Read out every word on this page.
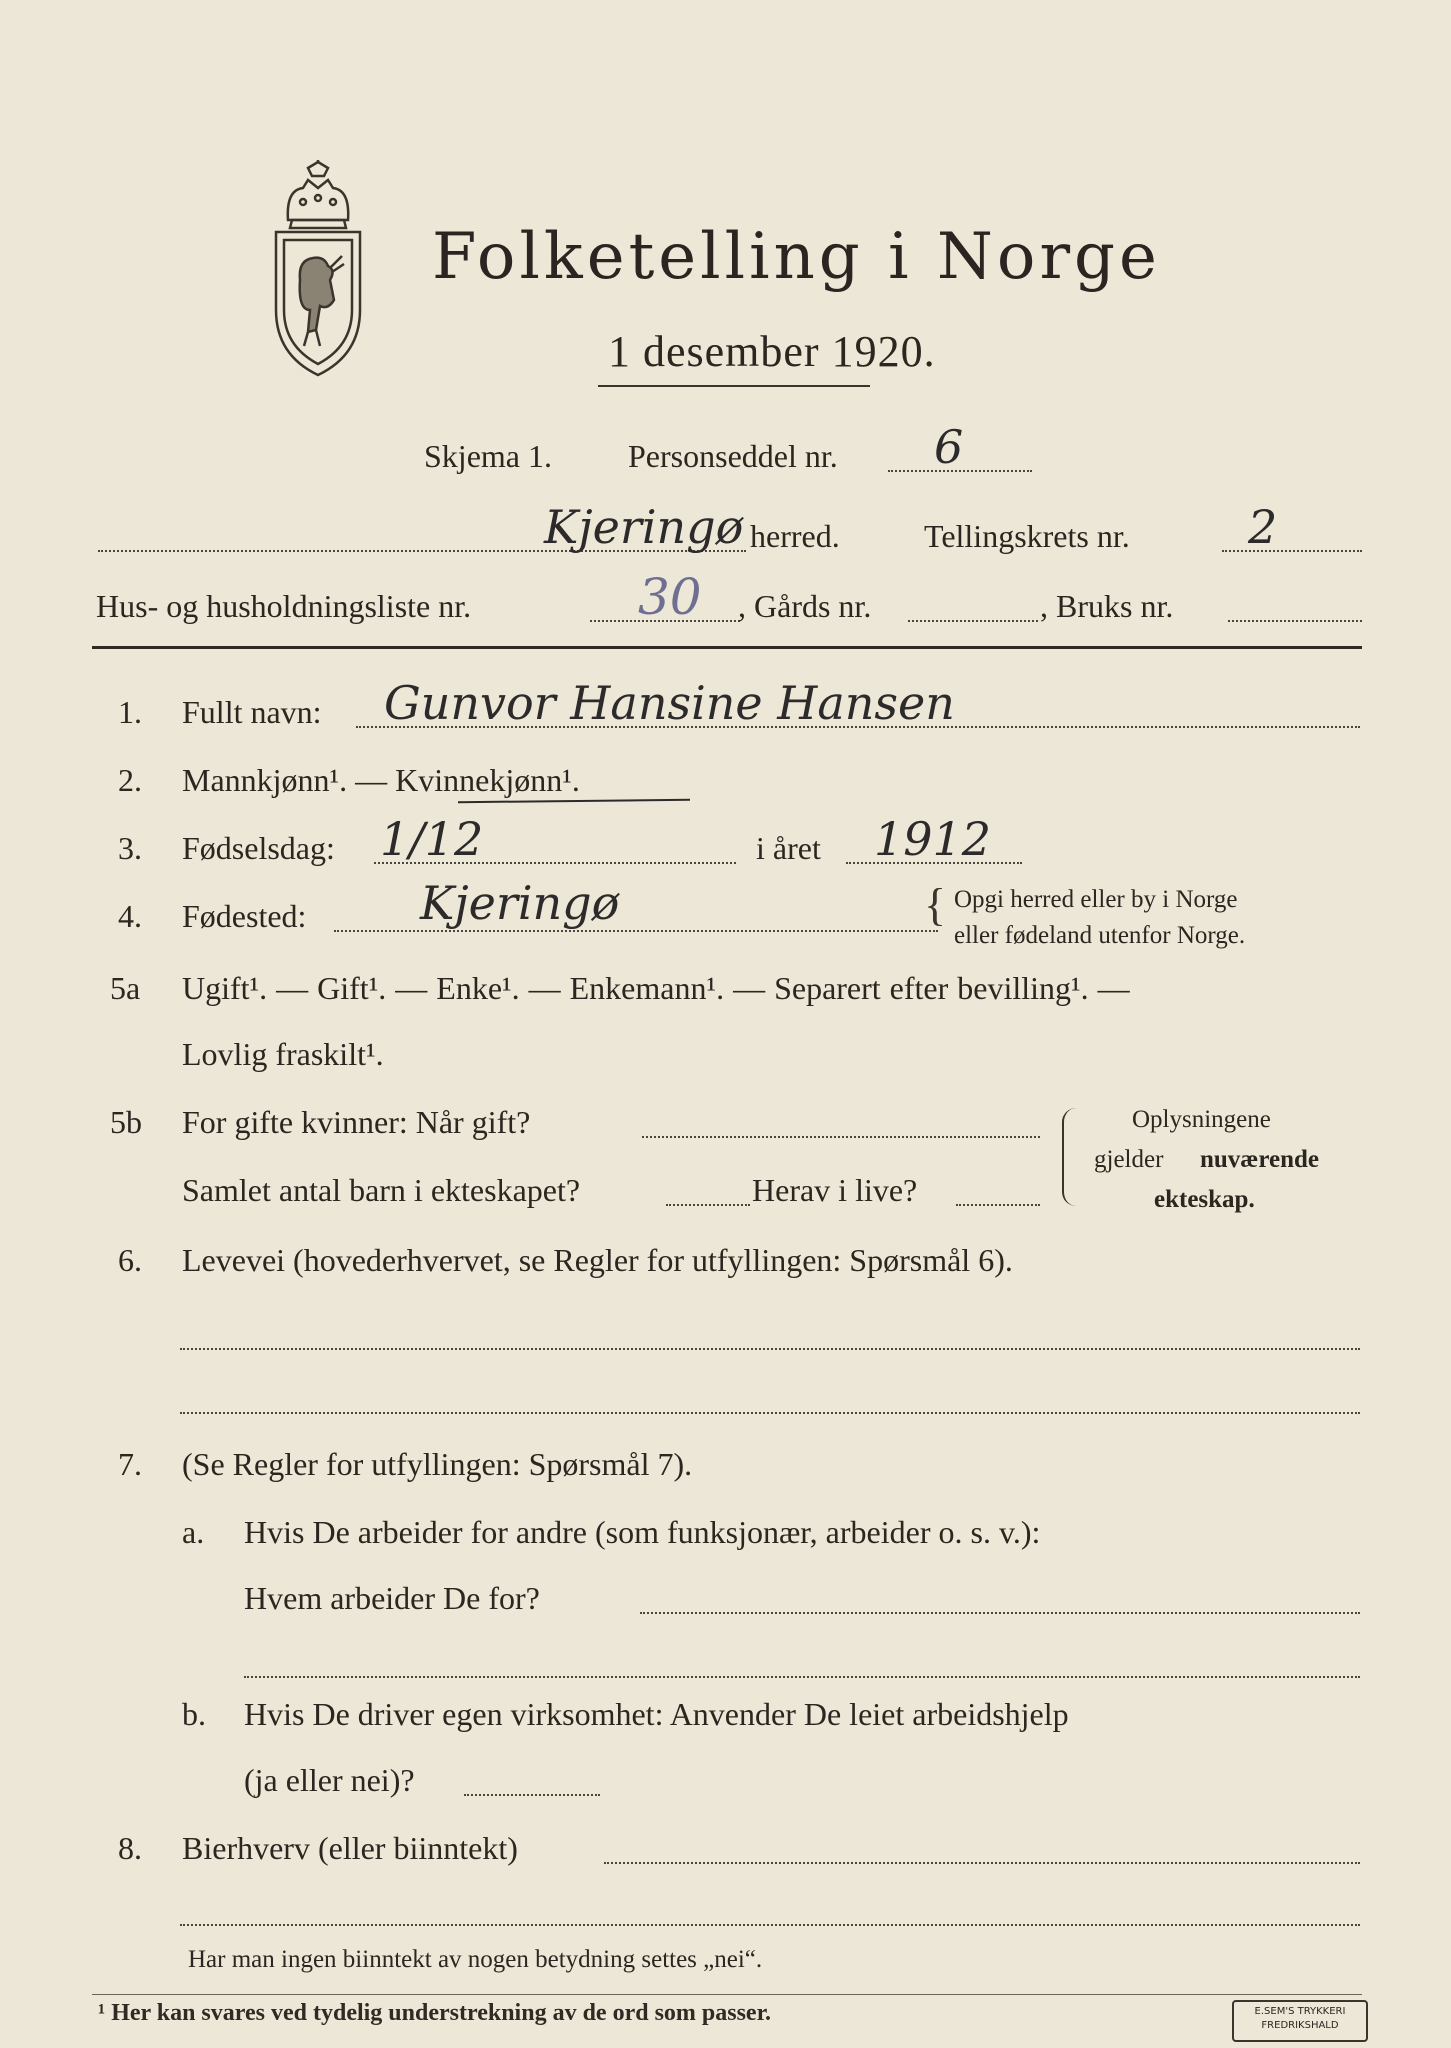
Folketelling i Norge
1 desember 1920.
Skjema 1. Personseddel nr. 6
Kjeringø herred.	Tellingskrets nr.	2
Hus- og husholdningsliste nr.	30 , Gårds nr.	, Bruks nr.
1. Fullt navn: Gunvor Hansine Hansen
2. Mannkjønn¹. — Kvinnekjønn¹.
3. Fødselsdag: 1/12	i året 1912
4. Fødested: Kjeringø	{ Opgi herred eller by i Norge
eller fødeland utenfor Norge.
5a Ugift¹. — Gift¹. — Enke¹. — Enkemann¹. — Separert efter bevilling¹. —
Lovlig fraskilt¹.
5b For gifte kvinner: Når gift?
Samlet antal barn i ekteskapet?	Herav i live?
Oplysningene
gjelder nuværende
ekteskap.
6. Levevei (hovederhvervet, se Regler for utfyllingen: Spørsmål 6).
7. (Se Regler for utfyllingen: Spørsmål 7).
a. Hvis De arbeider for andre (som funksjonær, arbeider o. s. v.):
Hvem arbeider De for?
b. Hvis De driver egen virksomhet: Anvender De leiet arbeidshjelp
(ja eller nei)?
8. Bierhverv (eller biinntekt)
Har man ingen biinntekt av nogen betydning settes „nei“.
¹ Her kan svares ved tydelig understrekning av de ord som passer.	E.SEM'S TRYKKERI
FREDRIKSHALD
